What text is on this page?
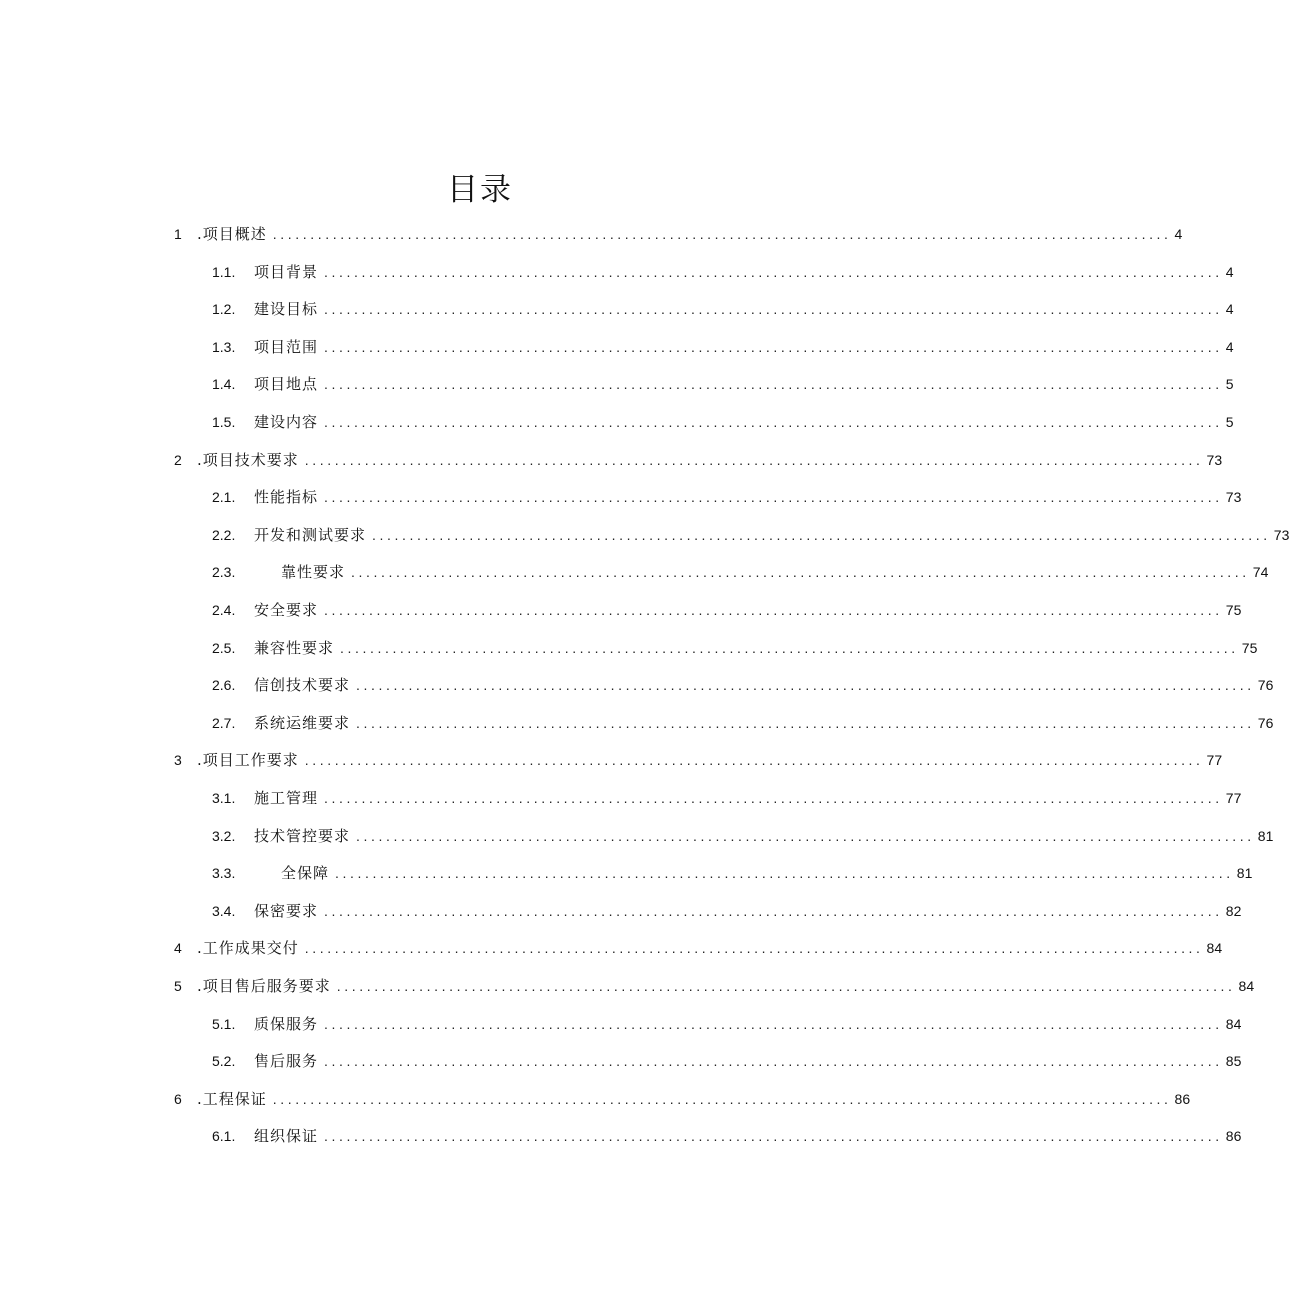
目录
1 .项目概述 ........................................................................................................................ 4
1.1. 项目背景 ........................................................................................................................ 4
1.2. 建设目标 ........................................................................................................................ 4
1.3. 项目范围 ........................................................................................................................ 4
1.4. 项目地点 ........................................................................................................................ 5
1.5. 建设内容 ........................................................................................................................ 5
2 .项目技术要求 ........................................................................................................................ 73
2.1. 性能指标 ........................................................................................................................ 73
2.2. 开发和测试要求 ........................................................................................................................ 73
2.3.	靠性要求 ........................................................................................................................ 74
2.4. 安全要求 ........................................................................................................................ 75
2.5. 兼容性要求 ........................................................................................................................ 75
2.6. 信创技术要求 ........................................................................................................................ 76
2.7. 系统运维要求 ........................................................................................................................ 76
3 .项目工作要求 ........................................................................................................................ 77
3.1. 施工管理 ........................................................................................................................ 77
3.2. 技术管控要求 ........................................................................................................................ 81
3.3.	全保障 ........................................................................................................................ 81
3.4. 保密要求 ........................................................................................................................ 82
4 .工作成果交付 ........................................................................................................................ 84
5 .项目售后服务要求 ........................................................................................................................ 84
5.1. 质保服务 ........................................................................................................................ 84
5.2. 售后服务 ........................................................................................................................ 85
6 .工程保证 ........................................................................................................................ 86
6.1. 组织保证 ........................................................................................................................ 86
